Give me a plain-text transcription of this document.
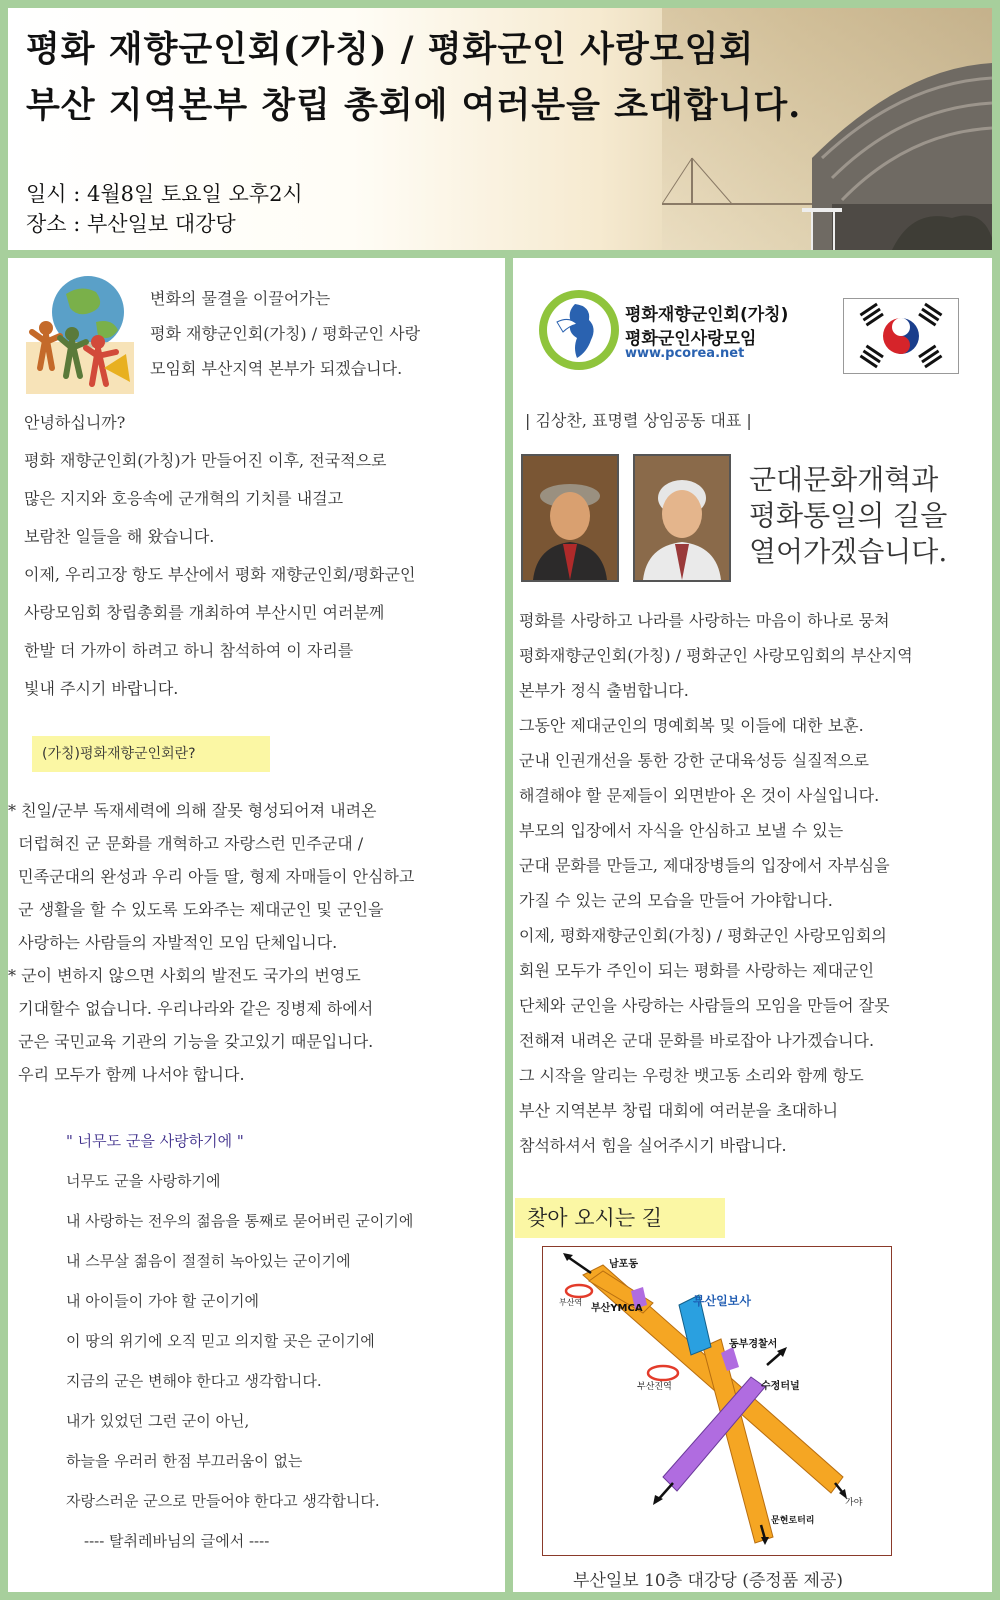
평화 재향군인회(가칭) / 평화군인 사랑모임회
부산 지역본부 창립 총회에 여러분을 초대합니다.
일시 : 4월8일 토요일 오후2시
장소 : 부산일보 대강당
변화의 물결을 이끌어가는
평화 재향군인회(가칭) / 평화군인 사랑
모임회 부산지역 본부가 되겠습니다.
안녕하십니까?
평화 재향군인회(가칭)가 만들어진 이후, 전국적으로
많은 지지와 호응속에 군개혁의 기치를 내걸고
보람찬 일들을 해 왔습니다.
이제, 우리고장 항도 부산에서 평화 재향군인회/평화군인
사랑모임회 창립총회를 개최하여 부산시민 여러분께
한발 더 가까이 하려고 하니 참석하여 이 자리를
빛내 주시기 바랍니다.
(가칭)평화재향군인회란?
* 친일/군부 독재세력에 의해 잘못 형성되어져 내려온
더럽혀진 군 문화를 개혁하고 자랑스런 민주군대 /
민족군대의 완성과 우리 아들 딸, 형제 자매들이 안심하고
군 생활을 할 수 있도록 도와주는 제대군인 및 군인을
사랑하는 사람들의 자발적인 모임 단체입니다.
* 군이 변하지 않으면 사회의 발전도 국가의 번영도
기대할수 없습니다. 우리나라와 같은 징병제 하에서
군은 국민교육 기관의 기능을 갖고있기 때문입니다.
우리 모두가 함께 나서야 합니다.
" 너무도 군을 사랑하기에 "
너무도 군을 사랑하기에
내 사랑하는 전우의 젊음을 통째로 묻어버린 군이기에
내 스무살 젊음이 절절히 녹아있는 군이기에
내 아이들이 가야 할 군이기에
이 땅의 위기에 오직 믿고 의지할 곳은 군이기에
지금의 군은 변해야 한다고 생각합니다.
내가 있었던 그런 군이 아닌,
하늘을 우러러 한점 부끄러움이 없는
자랑스러운 군으로 만들어야 한다고 생각합니다.
---- 탈취레바님의 글에서 ----
평화재향군인회(가칭)
평화군인사랑모임
www.pcorea.net
| 김상찬, 표명렬 상임공동 대표 |
군대문화개혁과
평화통일의 길을
열어가겠습니다.
평화를 사랑하고 나라를 사랑하는 마음이 하나로 뭉쳐
평화재향군인회(가칭) / 평화군인 사랑모임회의 부산지역
본부가 정식 출범합니다.
그동안 제대군인의 명예회복 및 이들에 대한 보훈.
군내 인권개선을 통한 강한 군대육성등 실질적으로
해결해야 할 문제들이 외면받아 온 것이 사실입니다.
부모의 입장에서 자식을 안심하고 보낼 수 있는
군대 문화를 만들고, 제대장병들의 입장에서 자부심을
가질 수 있는 군의 모습을 만들어 가야합니다.
이제, 평화재향군인회(가칭) / 평화군인 사랑모임회의
회원 모두가 주인이 되는 평화를 사랑하는 제대군인
단체와 군인을 사랑하는 사람들의 모임을 만들어 잘못
전해져 내려온 군대 문화를 바로잡아 나가겠습니다.
그 시작을 알리는 우렁찬 뱃고동 소리와 함께 항도
부산 지역본부 창립 대회에 여러분을 초대하니
참석하셔서 힘을 실어주시기 바랍니다.
찾아 오시는 길
남포동
부산역
부산YMCA
부산일보사
동부경찰서
부산진역	수정터널
가야
문현로터리
부산일보 10층 대강당 (증정품 제공)
